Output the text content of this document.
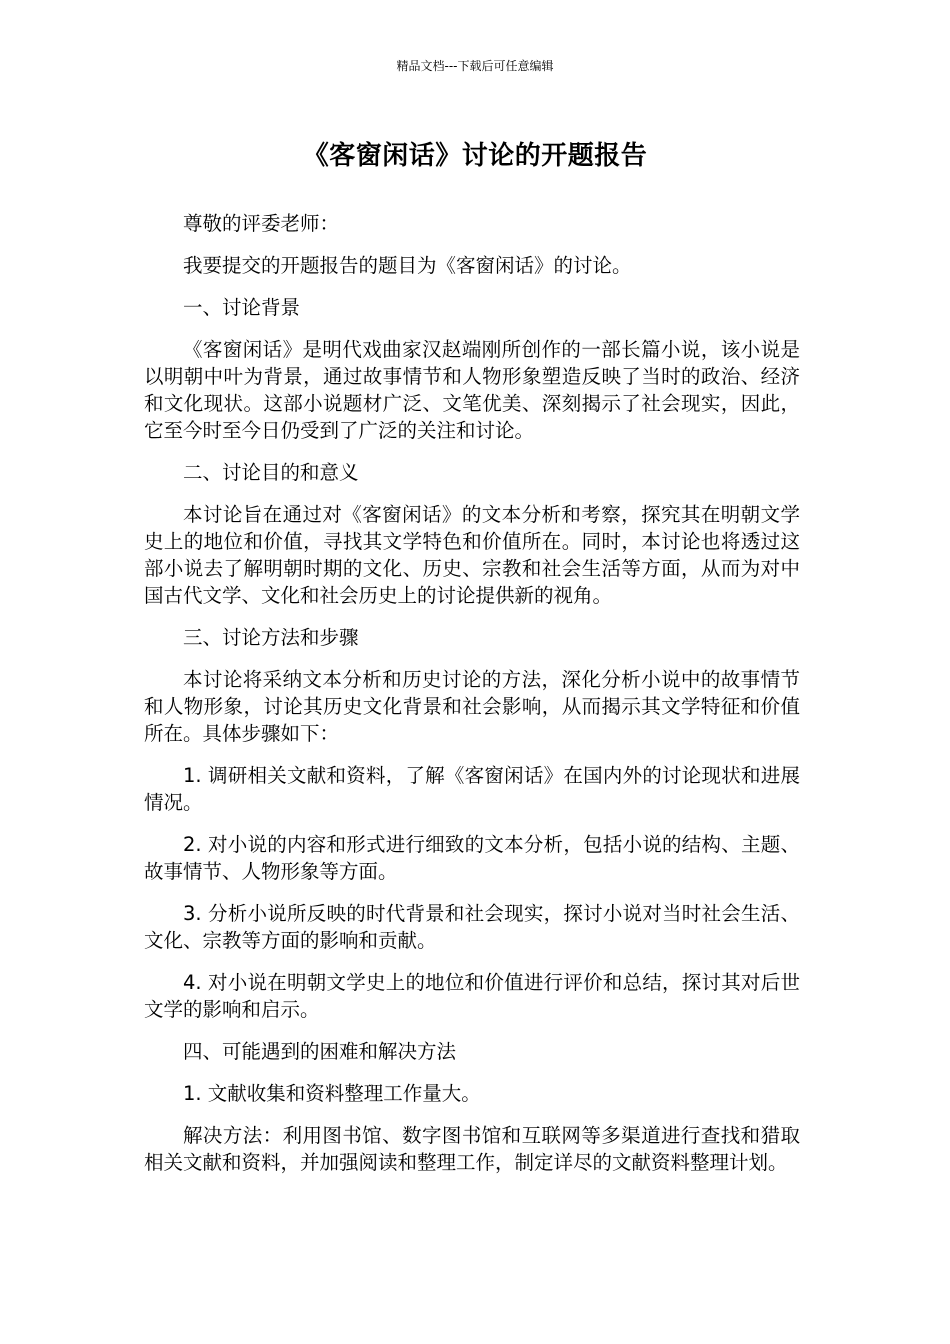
精品文档---下载后可任意编辑
《客窗闲话》讨论的开题报告

尊敬的评委老师：

我要提交的开题报告的题目为《客窗闲话》的讨论。

一、讨论背景

《客窗闲话》是明代戏曲家汉赵端刚所创作的一部长篇小说，该小说是以明朝中叶为背景，通过故事情节和人物形象塑造反映了当时的政治、经济和文化现状。这部小说题材广泛、文笔优美、深刻揭示了社会现实，因此，它至今时至今日仍受到了广泛的关注和讨论。

二、讨论目的和意义

本讨论旨在通过对《客窗闲话》的文本分析和考察，探究其在明朝文学史上的地位和价值，寻找其文学特色和价值所在。同时，本讨论也将透过这部小说去了解明朝时期的文化、历史、宗教和社会生活等方面，从而为对中国古代文学、文化和社会历史上的讨论提供新的视角。

三、讨论方法和步骤

本讨论将采纳文本分析和历史讨论的方法，深化分析小说中的故事情节和人物形象，讨论其历史文化背景和社会影响，从而揭示其文学特征和价值所在。具体步骤如下：

1. 调研相关文献和资料，了解《客窗闲话》在国内外的讨论现状和进展情况。

2. 对小说的内容和形式进行细致的文本分析，包括小说的结构、主题、故事情节、人物形象等方面。

3. 分析小说所反映的时代背景和社会现实，探讨小说对当时社会生活、文化、宗教等方面的影响和贡献。

4. 对小说在明朝文学史上的地位和价值进行评价和总结，探讨其对后世文学的影响和启示。

四、可能遇到的困难和解决方法

1. 文献收集和资料整理工作量大。

解决方法：利用图书馆、数字图书馆和互联网等多渠道进行查找和猎取相关文献和资料，并加强阅读和整理工作，制定详尽的文献资料整理计划。
